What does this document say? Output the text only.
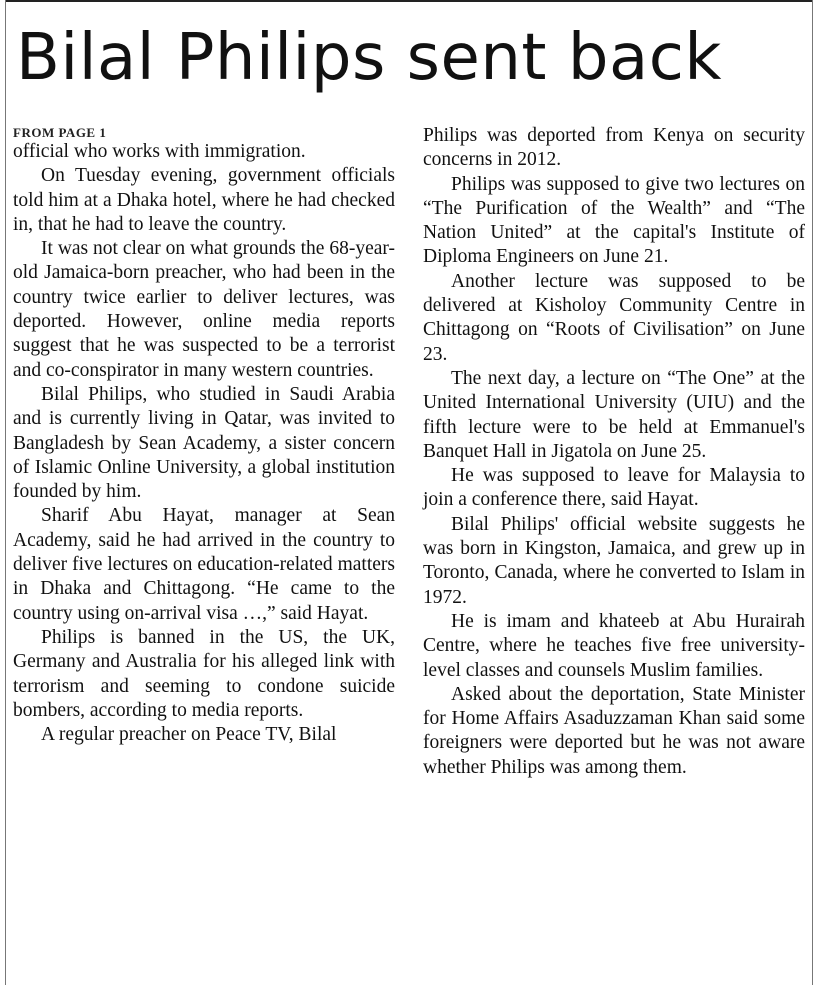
Bilal Philips sent back
FROM PAGE 1

official who works with immigration.

On Tuesday evening, government officials told him at a Dhaka hotel, where he had checked in, that he had to leave the country.

It was not clear on what grounds the 68-year-old Jamaica-born preacher, who had been in the country twice earlier to deliver lectures, was deported. However, online media reports suggest that he was suspected to be a terrorist and co-conspirator in many western countries.

Bilal Philips, who studied in Saudi Arabia and is currently living in Qatar, was invited to Bangladesh by Sean Academy, a sister concern of Islamic Online University, a global institution founded by him.

Sharif Abu Hayat, manager at Sean Academy, said he had arrived in the country to deliver five lectures on education-related matters in Dhaka and Chittagong. “He came to the country using on-arrival visa …,” said Hayat.

Philips is banned in the US, the UK, Germany and Australia for his alleged link with terrorism and seeming to condone suicide bombers, according to media reports.

A regular preacher on Peace TV, Bilal

Philips was deported from Kenya on security concerns in 2012.

Philips was supposed to give two lectures on “The Purification of the Wealth” and “The Nation United” at the capital's Institute of Diploma Engineers on June 21.

Another lecture was supposed to be delivered at Kisholoy Community Centre in Chittagong on “Roots of Civilisation” on June 23.

The next day, a lecture on “The One” at the United International University (UIU) and the fifth lecture were to be held at Emmanuel's Banquet Hall in Jigatola on June 25.

He was supposed to leave for Malaysia to join a conference there, said Hayat.

Bilal Philips' official website suggests he was born in Kingston, Jamaica, and grew up in Toronto, Canada, where he converted to Islam in 1972.

He is imam and khateeb at Abu Hurairah Centre, where he teaches five free university-level classes and counsels Muslim families.

Asked about the deportation, State Minister for Home Affairs Asaduzzaman Khan said some foreigners were deported but he was not aware whether Philips was among them.
